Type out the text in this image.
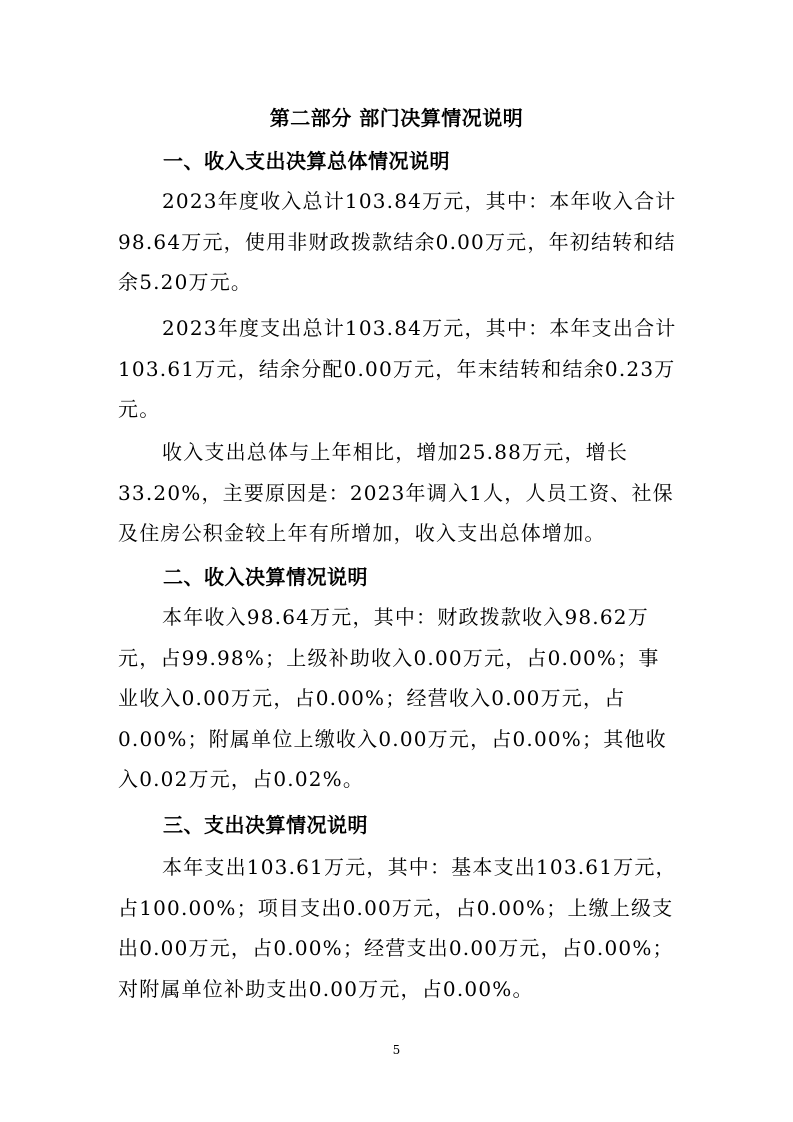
第二部分 部门决算情况说明
一、收入支出决算总体情况说明
2023年度收入总计103.84万元，其中：本年收入合计98.64万元，使用非财政拨款结余0.00万元，年初结转和结余5.20万元。
2023年度支出总计103.84万元，其中：本年支出合计103.61万元，结余分配0.00万元，年末结转和结余0.23万元。
收入支出总体与上年相比，增加25.88万元，增长33.20%，主要原因是：2023年调入1人，人员工资、社保及住房公积金较上年有所增加，收入支出总体增加。
二、收入决算情况说明
本年收入98.64万元，其中：财政拨款收入98.62万元，占99.98%；上级补助收入0.00万元，占0.00%；事业收入0.00万元，占0.00%；经营收入0.00万元，占0.00%；附属单位上缴收入0.00万元，占0.00%；其他收入0.02万元，占0.02%。
三、支出决算情况说明
本年支出103.61万元，其中：基本支出103.61万元，占100.00%；项目支出0.00万元，占0.00%；上缴上级支出0.00万元，占0.00%；经营支出0.00万元，占0.00%；对附属单位补助支出0.00万元，占0.00%。
5
